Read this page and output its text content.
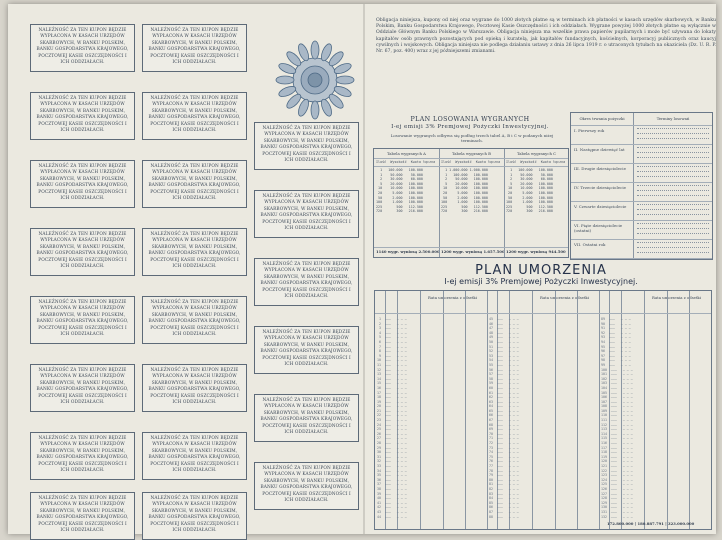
NALEŻNOŚĆ ZA TEN KUPON BĘDZIE WYPŁACONA W KASACH URZĘDÓW SKARBOWYCH, W BANKU POLSKIM, BANKU GOSPODARSTWA KRAJOWEGO, POCZTOWEJ KASIE OSZCZĘDNOŚCI I ICH ODDZIAŁACH.
NALEŻNOŚĆ ZA TEN KUPON BĘDZIE WYPŁACONA W KASACH URZĘDÓW SKARBOWYCH, W BANKU POLSKIM, BANKU GOSPODARSTWA KRAJOWEGO, POCZTOWEJ KASIE OSZCZĘDNOŚCI I ICH ODDZIAŁACH.
NALEŻNOŚĆ ZA TEN KUPON BĘDZIE WYPŁACONA W KASACH URZĘDÓW SKARBOWYCH, W BANKU POLSKIM, BANKU GOSPODARSTWA KRAJOWEGO, POCZTOWEJ KASIE OSZCZĘDNOŚCI I ICH ODDZIAŁACH.
NALEŻNOŚĆ ZA TEN KUPON BĘDZIE WYPŁACONA W KASACH URZĘDÓW SKARBOWYCH, W BANKU POLSKIM, BANKU GOSPODARSTWA KRAJOWEGO, POCZTOWEJ KASIE OSZCZĘDNOŚCI I ICH ODDZIAŁACH.	NALEŻNOŚĆ ZA TEN KUPON BĘDZIE WYPŁACONA W KASACH URZĘDÓW SKARBOWYCH, W BANKU POLSKIM, BANKU GOSPODARSTWA KRAJOWEGO, POCZTOWEJ KASIE OSZCZĘDNOŚCI I ICH ODDZIAŁACH.
NALEŻNOŚĆ ZA TEN KUPON BĘDZIE WYPŁACONA W KASACH URZĘDÓW SKARBOWYCH, W BANKU POLSKIM, BANKU GOSPODARSTWA KRAJOWEGO, POCZTOWEJ KASIE OSZCZĘDNOŚCI I ICH ODDZIAŁACH.
NALEŻNOŚĆ ZA TEN KUPON BĘDZIE WYPŁACONA W KASACH URZĘDÓW SKARBOWYCH, W BANKU POLSKIM, BANKU GOSPODARSTWA KRAJOWEGO, POCZTOWEJ KASIE OSZCZĘDNOŚCI I ICH ODDZIAŁACH.	NALEŻNOŚĆ ZA TEN KUPON BĘDZIE WYPŁACONA W KASACH URZĘDÓW SKARBOWYCH, W BANKU POLSKIM, BANKU GOSPODARSTWA KRAJOWEGO, POCZTOWEJ KASIE OSZCZĘDNOŚCI I ICH ODDZIAŁACH.
NALEŻNOŚĆ ZA TEN KUPON BĘDZIE WYPŁACONA W KASACH URZĘDÓW SKARBOWYCH, W BANKU POLSKIM, BANKU GOSPODARSTWA KRAJOWEGO, POCZTOWEJ KASIE OSZCZĘDNOŚCI I ICH ODDZIAŁACH.
NALEŻNOŚĆ ZA TEN KUPON BĘDZIE WYPŁACONA W KASACH URZĘDÓW SKARBOWYCH, W BANKU POLSKIM, BANKU GOSPODARSTWA KRAJOWEGO, POCZTOWEJ KASIE OSZCZĘDNOŚCI I ICH ODDZIAŁACH.	NALEŻNOŚĆ ZA TEN KUPON BĘDZIE WYPŁACONA W KASACH URZĘDÓW SKARBOWYCH, W BANKU POLSKIM, BANKU GOSPODARSTWA KRAJOWEGO, POCZTOWEJ KASIE OSZCZĘDNOŚCI I ICH ODDZIAŁACH.
NALEŻNOŚĆ ZA TEN KUPON BĘDZIE WYPŁACONA W KASACH URZĘDÓW SKARBOWYCH, W BANKU POLSKIM, BANKU GOSPODARSTWA KRAJOWEGO, POCZTOWEJ KASIE OSZCZĘDNOŚCI I ICH ODDZIAŁACH.
NALEŻNOŚĆ ZA TEN KUPON BĘDZIE WYPŁACONA W KASACH URZĘDÓW SKARBOWYCH, W BANKU POLSKIM, BANKU GOSPODARSTWA KRAJOWEGO, POCZTOWEJ KASIE OSZCZĘDNOŚCI I ICH ODDZIAŁACH.	NALEŻNOŚĆ ZA TEN KUPON BĘDZIE WYPŁACONA W KASACH URZĘDÓW SKARBOWYCH, W BANKU POLSKIM, BANKU GOSPODARSTWA KRAJOWEGO, POCZTOWEJ KASIE OSZCZĘDNOŚCI I ICH ODDZIAŁACH.
NALEŻNOŚĆ ZA TEN KUPON BĘDZIE WYPŁACONA W KASACH URZĘDÓW SKARBOWYCH, W BANKU POLSKIM, BANKU GOSPODARSTWA KRAJOWEGO, POCZTOWEJ KASIE OSZCZĘDNOŚCI I ICH ODDZIAŁACH.
NALEŻNOŚĆ ZA TEN KUPON BĘDZIE WYPŁACONA W KASACH URZĘDÓW SKARBOWYCH, W BANKU POLSKIM, BANKU GOSPODARSTWA KRAJOWEGO, POCZTOWEJ KASIE OSZCZĘDNOŚCI I ICH ODDZIAŁACH.	NALEŻNOŚĆ ZA TEN KUPON BĘDZIE WYPŁACONA W KASACH URZĘDÓW SKARBOWYCH, W BANKU POLSKIM, BANKU GOSPODARSTWA KRAJOWEGO, POCZTOWEJ KASIE OSZCZĘDNOŚCI I ICH ODDZIAŁACH.
NALEŻNOŚĆ ZA TEN KUPON BĘDZIE WYPŁACONA W KASACH URZĘDÓW SKARBOWYCH, W BANKU POLSKIM, BANKU GOSPODARSTWA KRAJOWEGO, POCZTOWEJ KASIE OSZCZĘDNOŚCI I ICH ODDZIAŁACH.
NALEŻNOŚĆ ZA TEN KUPON BĘDZIE WYPŁACONA W KASACH URZĘDÓW SKARBOWYCH, W BANKU POLSKIM, BANKU GOSPODARSTWA KRAJOWEGO, POCZTOWEJ KASIE OSZCZĘDNOŚCI I ICH ODDZIAŁACH.	NALEŻNOŚĆ ZA TEN KUPON BĘDZIE WYPŁACONA W KASACH URZĘDÓW SKARBOWYCH, W BANKU POLSKIM, BANKU GOSPODARSTWA KRAJOWEGO, POCZTOWEJ KASIE OSZCZĘDNOŚCI I ICH ODDZIAŁACH.
NALEŻNOŚĆ ZA TEN KUPON BĘDZIE WYPŁACONA W KASACH URZĘDÓW SKARBOWYCH, W BANKU POLSKIM, BANKU GOSPODARSTWA KRAJOWEGO, POCZTOWEJ KASIE OSZCZĘDNOŚCI I ICH ODDZIAŁACH.
NALEŻNOŚĆ ZA TEN KUPON BĘDZIE WYPŁACONA W KASACH URZĘDÓW SKARBOWYCH, W BANKU POLSKIM, BANKU GOSPODARSTWA KRAJOWEGO, POCZTOWEJ KASIE OSZCZĘDNOŚCI I ICH ODDZIAŁACH.
Obligacja niniejsza, kupony od niej oraz wygrane do 1000 złotych płatne są w terminach ich płatności w kasach urzędów skarbowych, w Banku Polskim, Banku Gospodarstwa Krajowego, Pocztowej Kasie Oszczędności i ich oddziałach. Wygrane powyżej 1000 złotych płatne są wyłącznie w Oddziale Głównym Banku Polskiego w Warszawie. Obligacja niniejsza ma wszelkie prawa papierów pupilarnych i może być używana do lokaty kapitałów osób prawnych pozostających pod opieką i kuratelą, jak kapitałów fundacyjnych, kościelnych, korporacyj publicznych oraz kaucyj cywilnych i wojskowych. Obligacja niniejsza nie podlega działaniu ustawy z dnia 26 lipca 1919 r. o utraconych tytułach na okaziciela (Dz. U. R. P. Nr. 67, poz. 400) wraz z jej późniejszemi zmianami.
PLAN LOSOWANIA WYGRANYCH
I-ej emisji 3% Premjowej Pożyczki Inwestycyjnej.
Losowanie wygranych odbywa się podług trzech tabel A, B i C w podanych niżej terminach.
Tabela wygranych A
Ilość  Wysokość  Kwota łączna
1   100.000   100.000
1    50.000    50.000
2    30.000    60.000
5    20.000   100.000
10    10.000   100.000
20     5.000   100.000
50     2.000   100.000
100     1.000   100.000
225       500   112.500
720       300   216.000
1140 wygr. wyniosą 2.500.000
Tabela wygranych B
Ilość  Wysokość  Kwota łączna
1 1.000.000 1.000.000
1   100.000   100.000
2    50.000   100.000
5    20.000   100.000
10    10.000   100.000
20     5.000   100.000
50     2.000   100.000
100     1.000   100.000
225       500   112.500
720       300   216.000
1200 wygr. wyniosą 1.657.500
Tabela wygranych C
Ilość  Wysokość  Kwota łączna
1   100.000   100.000
1    50.000    50.000
2    30.000    60.000
5    20.000   100.000
10    10.000   100.000
20     5.000   100.000
50     2.000   100.000
100     1.000   100.000
225       500   112.500
720       300   216.000
1200 wygr. wyniosą 944.500
Okres trwania pożyczki	Terminy losowań
I. Pierwszy rok
II. Następne dziewięć lat
III. Drugie dziesięciolecie
IV. Trzecie dziesięciolecie
V. Czwarte dziesięciolecie
VI. Piąte dziesięciolecie (ostatni)
VII. Ostatni rok
PLAN UMORZENIA
I-ej emisji 3% Premjowej Pożyczki Inwestycyjnej.
Rata umorzenia z odsetki
1  ———   — — —
2  ———   — — —
3  ———   — — —
4  ———   — — —
5  ———   — — —
6  ———   — — —
7  ———   — — —
8  ———   — — —
9  ———   — — —
10  ———   — — —
11  ———   — — —
12  ———   — — —
13  ———   — — —
14  ———   — — —
15  ———   — — —
16  ———   — — —
17  ———   — — —
18  ———   — — —
19  ———   — — —
20  ———   — — —
21  ———   — — —
22  ———   — — —
23  ———   — — —
24  ———   — — —
25  ———   — — —
26  ———   — — —
27  ———   — — —
28  ———   — — —
29  ———   — — —
30  ———   — — —
31  ———   — — —
32  ———   — — —
33  ———   — — —
34  ———   — — —
35  ———   — — —
36  ———   — — —
37  ———   — — —
38  ———   — — —
39  ———   — — —
40  ———   — — —
41  ———   — — —
42  ———   — — —
43  ———   — — —
44  ———   — — —
Rata umorzenia z odsetki
45  ———   — — —
46  ———   — — —
47  ———   — — —
48  ———   — — —
49  ———   — — —
50  ———   — — —
51  ———   — — —
52  ———   — — —
53  ———   — — —
54  ———   — — —
55  ———   — — —
56  ———   — — —
57  ———   — — —
58  ———   — — —
59  ———   — — —
60  ———   — — —
61  ———   — — —
62  ———   — — —
63  ———   — — —
64  ———   — — —
65  ———   — — —
66  ———   — — —
67  ———   — — —
68  ———   — — —
69  ———   — — —
70  ———   — — —
71  ———   — — —
72  ———   — — —
73  ———   — — —
74  ———   — — —
75  ———   — — —
76  ———   — — —
77  ———   — — —
78  ———   — — —
79  ———   — — —
80  ———   — — —
81  ———   — — —
82  ———   — — —
83  ———   — — —
84  ———   — — —
85  ———   — — —
86  ———   — — —
87  ———   — — —
88  ———   — — —
Rata umorzenia z odsetki
89  ———   — — —
90  ———   — — —
91  ———   — — —
92  ———   — — —
93  ———   — — —
94  ———   — — —
95  ———   — — —
96  ———   — — —
97  ———   — — —
98  ———   — — —
99  ———   — — —
100  ———   — — —
101  ———   — — —
102  ———   — — —
103  ———   — — —
104  ———   — — —
105  ———   — — —
106  ———   — — —
107  ———   — — —
108  ———   — — —
109  ———   — — —
110  ———   — — —
111  ———   — — —
112  ———   — — —
113  ———   — — —
114  ———   — — —
115  ———   — — —
116  ———   — — —
117  ———   — — —
118  ———   — — —
119  ———   — — —
120  ———   — — —
121  ———   — — —
122  ———   — — —
123  ———   — — —
124  ———   — — —
125  ———   — — —
126  ———   — — —
127  ———   — — —
128  ———   — — —
129  ———   — — —
130  ———   — — —
131  ———   — — —
132  ———   — — —
172.800.000 | 180.887.791 | 323.000.000
